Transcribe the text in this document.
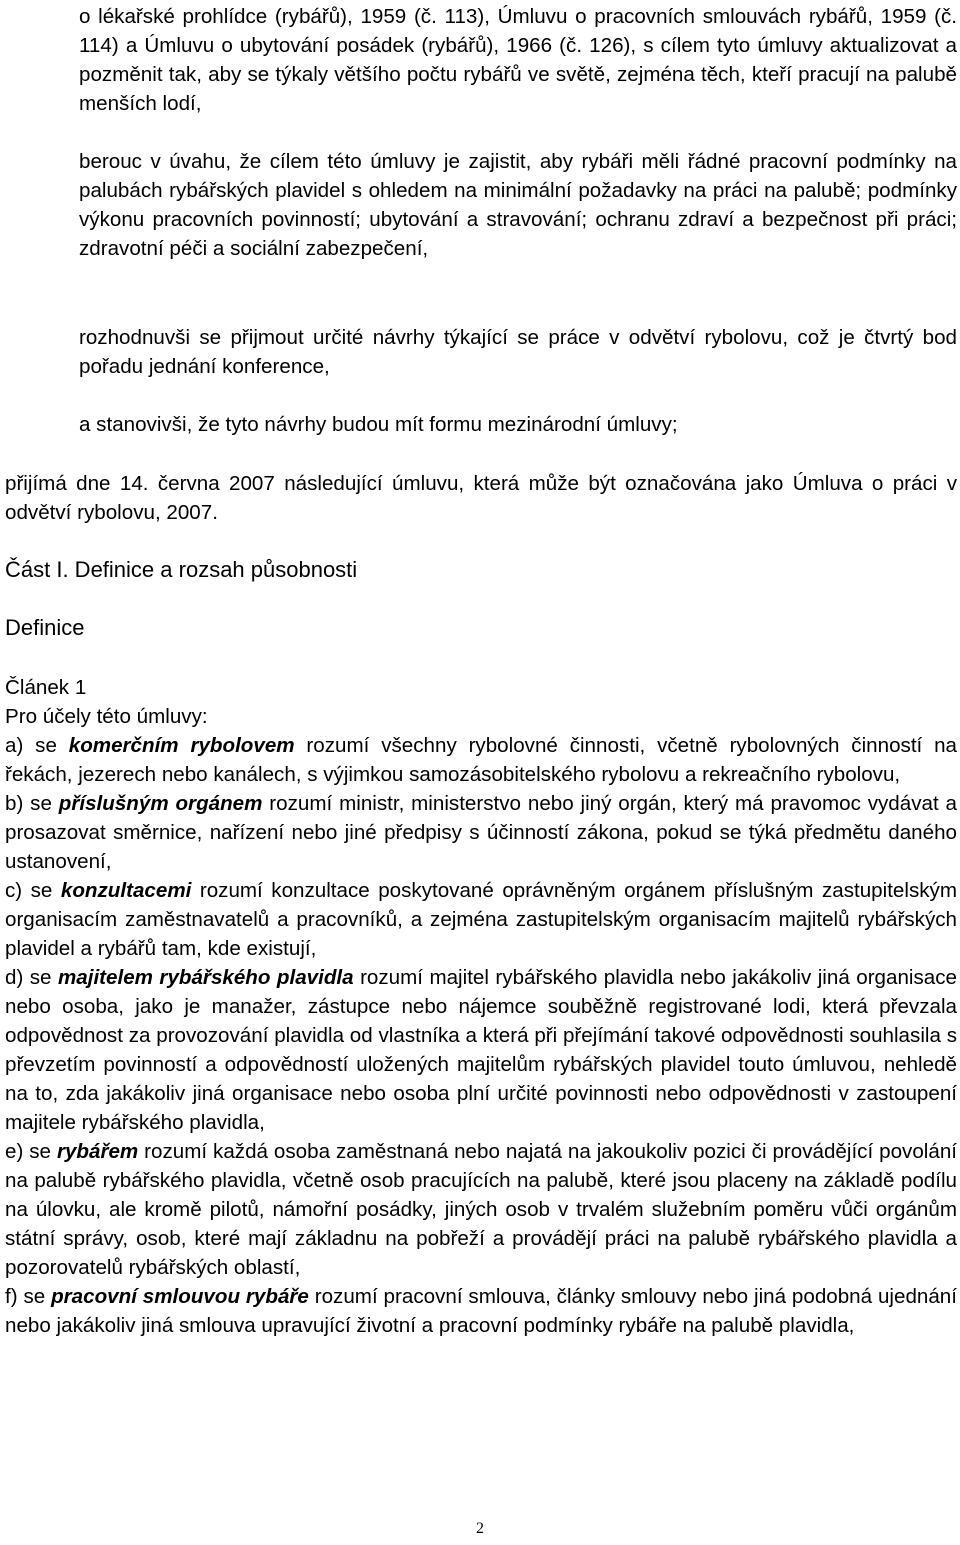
o lékařské prohlídce (rybářů), 1959 (č. 113), Úmluvu o pracovních smlouvách rybářů, 1959 (č. 114) a Úmluvu o ubytování posádek (rybářů), 1966 (č. 126), s cílem tyto úmluvy aktualizovat a pozměnit tak, aby se týkaly většího počtu rybářů ve světě, zejména těch, kteří pracují na palubě menších lodí,

berouc v úvahu, že cílem této úmluvy je zajistit, aby rybáři měli řádné pracovní podmínky na palubách rybářských plavidel s ohledem na minimální požadavky na práci na palubě; podmínky výkonu pracovních povinností; ubytování a stravování; ochranu zdraví a bezpečnost při práci; zdravotní péči a sociální zabezpečení,

rozhodnuvši se přijmout určité návrhy týkající se práce v odvětví rybolovu, což je čtvrtý bod pořadu jednání konference,

a stanovivši, že tyto návrhy budou mít formu mezinárodní úmluvy;

přijímá dne 14. června 2007 následující úmluvu, která může být označována jako Úmluva o práci v odvětví rybolovu, 2007.

Část I. Definice a rozsah působnosti
Definice
Článek 1
Pro účely této úmluvy:

a) se komerčním rybolovem rozumí všechny rybolovné činnosti, včetně rybolovných činností na řekách, jezerech nebo kanálech, s výjimkou samozásobitelského rybolovu a rekreačního rybolovu,

b) se příslušným orgánem rozumí ministr, ministerstvo nebo jiný orgán, který má pravomoc vydávat a prosazovat směrnice, nařízení nebo jiné předpisy s účinností zákona, pokud se týká předmětu daného ustanovení,

c) se konzultacemi rozumí konzultace poskytované oprávněným orgánem příslušným zastupitelským organisacím zaměstnavatelů a pracovníků, a zejména zastupitelským organisacím majitelů rybářských plavidel a rybářů tam, kde existují,

d) se majitelem rybářského plavidla rozumí majitel rybářského plavidla nebo jakákoliv jiná organisace nebo osoba, jako je manažer, zástupce nebo nájemce souběžně registrované lodi, která převzala odpovědnost za provozování plavidla od vlastníka a která při přejímání takové odpovědnosti souhlasila s převzetím povinností a odpovědností uložených majitelům rybářských plavidel touto úmluvou, nehledě na to, zda jakákoliv jiná organisace nebo osoba plní určité povinnosti nebo odpovědnosti v zastoupení majitele rybářského plavidla,

e) se rybářem rozumí každá osoba zaměstnaná nebo najatá na jakoukoliv pozici či provádějící povolání na palubě rybářského plavidla, včetně osob pracujících na palubě, které jsou placeny na základě podílu na úlovku, ale kromě pilotů, námořní posádky, jiných osob v trvalém služebním poměru vůči orgánům státní správy, osob, které mají základnu na pobřeží a provádějí práci na palubě rybářského plavidla a pozorovatelů rybářských oblastí,

f) se pracovní smlouvou rybáře rozumí pracovní smlouva, články smlouvy nebo jiná podobná ujednání nebo jakákoliv jiná smlouva upravující životní a pracovní podmínky rybáře na palubě plavidla,

2
